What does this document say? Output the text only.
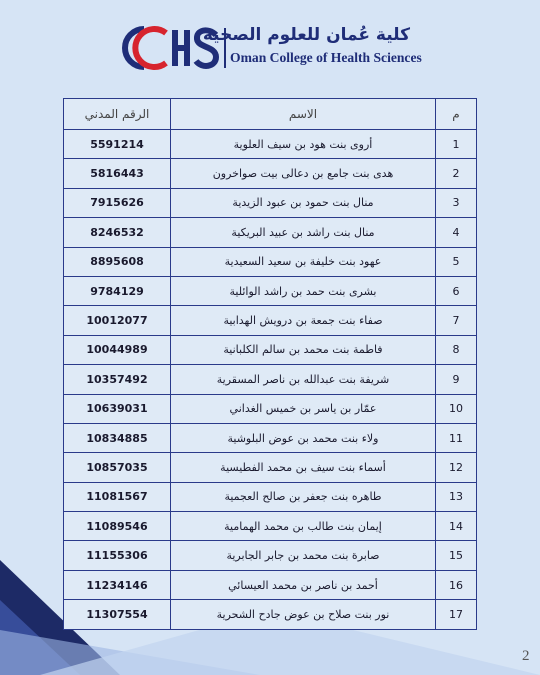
كلية عُمان للعلوم الصحية
Oman College of Health Sciences
الرقم المدني	الاسم	م
5591214	أروى بنت هود بن سيف العلوية	1
5816443	هدى بنت جامع بن دعالى بيت صواخرون	2
7915626	منال بنت حمود بن عبود الزيدية	3
8246532	منال بنت راشد بن عبيد البريكية	4
8895608	عهود بنت خليفة بن سعيد السعيدية	5
9784129	بشرى بنت حمد بن راشد الوائلية	6
10012077	صفاء بنت جمعة بن درويش الهدابية	7
10044989	فاطمة بنت محمد بن سالم الكلبانية	8
10357492	شريفة بنت عبدالله بن ناصر المسقرية	9
10639031	عمّار بن ياسر بن خميس الغداني	10
10834885	ولاء بنت محمد بن عوض البلوشية	11
10857035	أسماء بنت سيف بن محمد الفطيسية	12
11081567	طاهره بنت جعفر بن صالح العجمية	13
11089546	إيمان بنت طالب بن محمد الهمامية	14
11155306	صابرة بنت محمد بن جابر الجابرية	15
11234146	أحمد بن ناصر بن محمد العيسائي	16
11307554	نور بنت صلاح بن عوض جادح الشحرية	17
2
